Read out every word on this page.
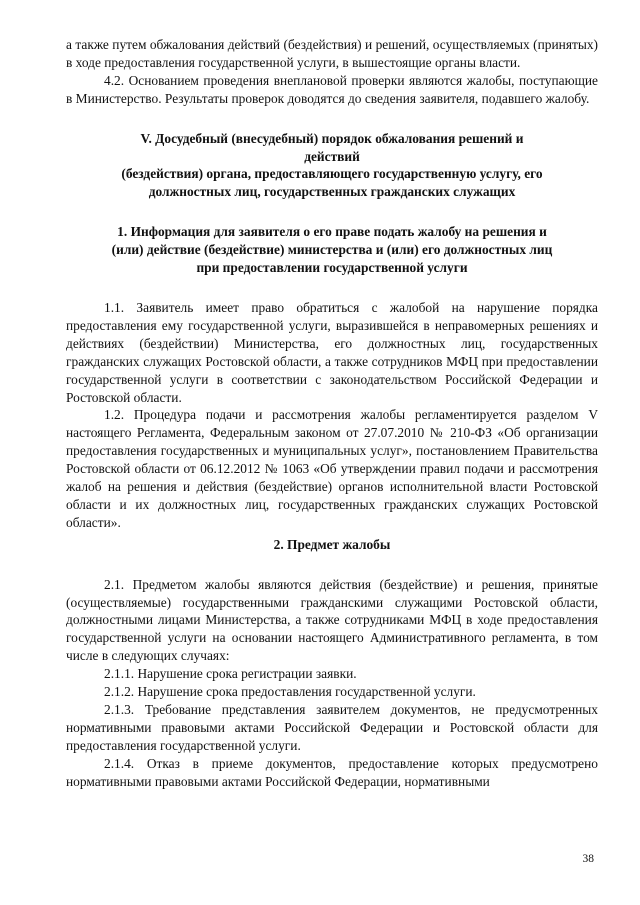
а также путем обжалования действий (бездействия) и решений, осуществляемых (принятых) в ходе предоставления государственной услуги, в вышестоящие органы власти.

4.2. Основанием проведения внеплановой проверки являются жалобы, поступающие в Министерство. Результаты проверок доводятся до сведения заявителя, подавшего жалобу.

V. Досудебный (внесудебный) порядок обжалования решений и
действий
(бездействия) органа, предоставляющего государственную услугу, его
должностных лиц, государственных гражданских служащих
1. Информация для заявителя о его праве подать жалобу на решения и
(или) действие (бездействие) министерства и (или) его должностных лиц
при предоставлении государственной услуги

1.1. Заявитель имеет право обратиться с жалобой на нарушение порядка предоставления ему государственной услуги, выразившейся в неправомерных решениях и действиях (бездействии) Министерства, его должностных лиц, государственных гражданских служащих Ростовской области, а также сотрудников МФЦ при предоставлении государственной услуги в соответствии с законодательством Российской Федерации и Ростовской области.

1.2. Процедура подачи и рассмотрения жалобы регламентируется разделом V настоящего Регламента, Федеральным законом от 27.07.2010 № 210-ФЗ «Об организации предоставления государственных и муниципальных услуг», постановлением Правительства Ростовской области от 06.12.2012 № 1063 «Об утверждении правил подачи и рассмотрения жалоб на решения и действия (бездействие) органов исполнительной власти Ростовской области и их должностных лиц, государственных гражданских служащих Ростовской области».

2. Предмет жалобы

2.1. Предметом жалобы являются действия (бездействие) и решения, принятые (осуществляемые) государственными гражданскими служащими Ростовской области, должностными лицами Министерства, а также сотрудниками МФЦ в ходе предоставления государственной услуги на основании настоящего Административного регламента, в том числе в следующих случаях:

2.1.1. Нарушение срока регистрации заявки.

2.1.2. Нарушение срока предоставления государственной услуги.

2.1.3. Требование представления заявителем документов, не предусмотренных нормативными правовыми актами Российской Федерации и Ростовской области для предоставления государственной услуги.

2.1.4. Отказ в приеме документов, предоставление которых предусмотрено нормативными правовыми актами Российской Федерации, нормативными

38
